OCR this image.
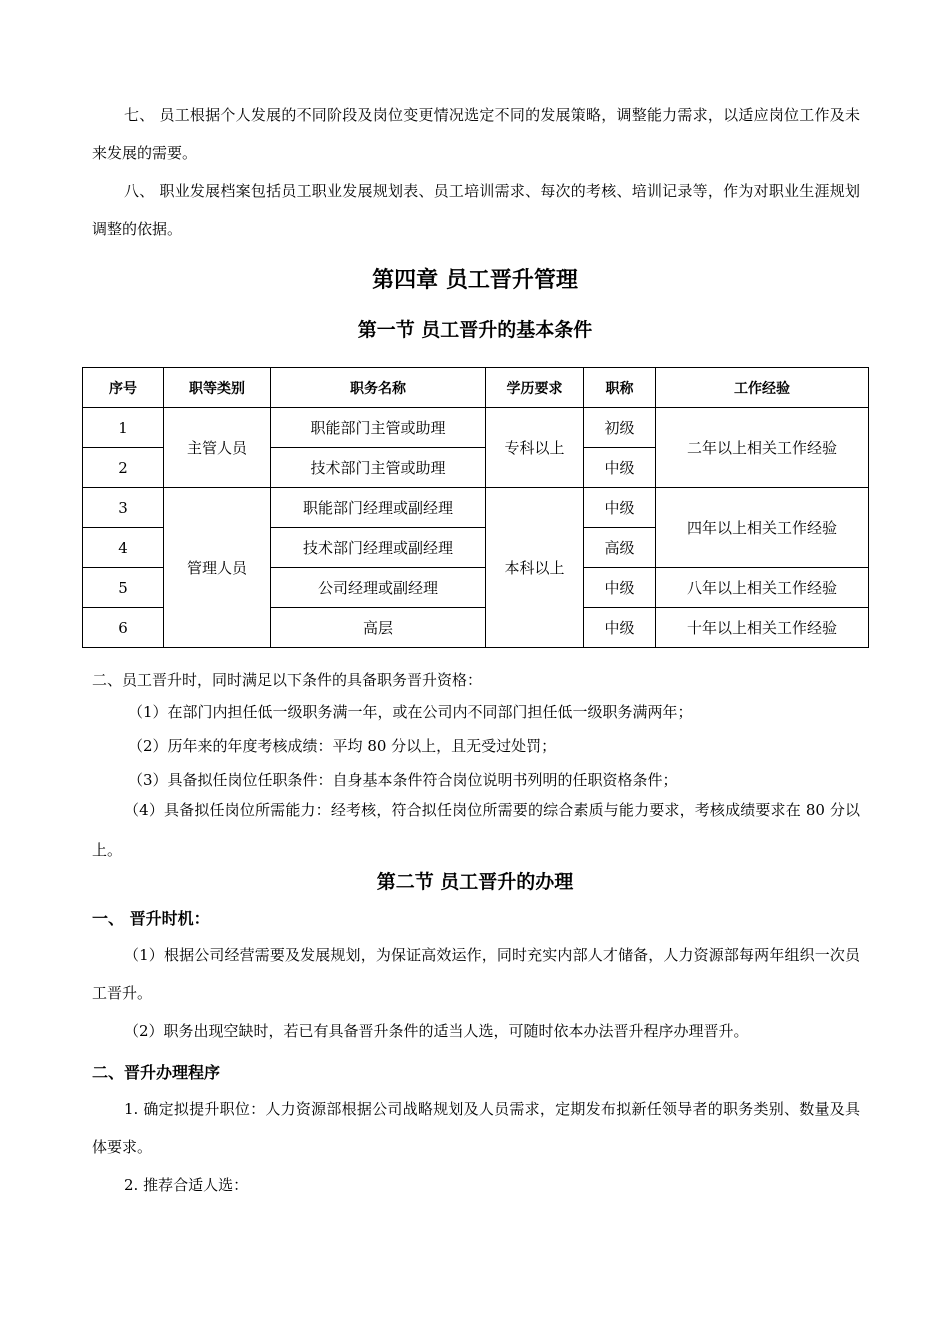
七、 员工根据个人发展的不同阶段及岗位变更情况选定不同的发展策略，调整能力需求，以适应岗位工作及未来发展的需要。

八、 职业发展档案包括员工职业发展规划表、员工培训需求、每次的考核、培训记录等，作为对职业生涯规划调整的依据。

第四章 员工晋升管理
第一节 员工晋升的基本条件
序号	职等类别	职务名称	学历要求	职称	工作经验
1	主管人员	职能部门主管或助理	专科以上	初级	二年以上相关工作经验
2		技术部门主管或助理		中级	
3	管理人员	职能部门经理或副经理	本科以上	中级	四年以上相关工作经验
4		技术部门经理或副经理		高级	
5		公司经理或副经理		中级	八年以上相关工作经验
6		高层		中级	十年以上相关工作经验

二、员工晋升时，同时满足以下条件的具备职务晋升资格：

（1）在部门内担任低一级职务满一年，或在公司内不同部门担任低一级职务满两年；

（2）历年来的年度考核成绩：平均 80 分以上，且无受过处罚；

（3）具备拟任岗位任职条件：自身基本条件符合岗位说明书列明的任职资格条件；

（4）具备拟任岗位所需能力：经考核，符合拟任岗位所需要的综合素质与能力要求，考核成绩要求在 80 分以上。

第二节 员工晋升的办理
一、 晋升时机：

（1）根据公司经营需要及发展规划，为保证高效运作，同时充实内部人才储备，人力资源部每两年组织一次员工晋升。

（2）职务出现空缺时，若已有具备晋升条件的适当人选，可随时依本办法晋升程序办理晋升。

二、晋升办理程序

1. 确定拟提升职位：人力资源部根据公司战略规划及人员需求，定期发布拟新任领导者的职务类别、数量及具体要求。

2. 推荐合适人选：
